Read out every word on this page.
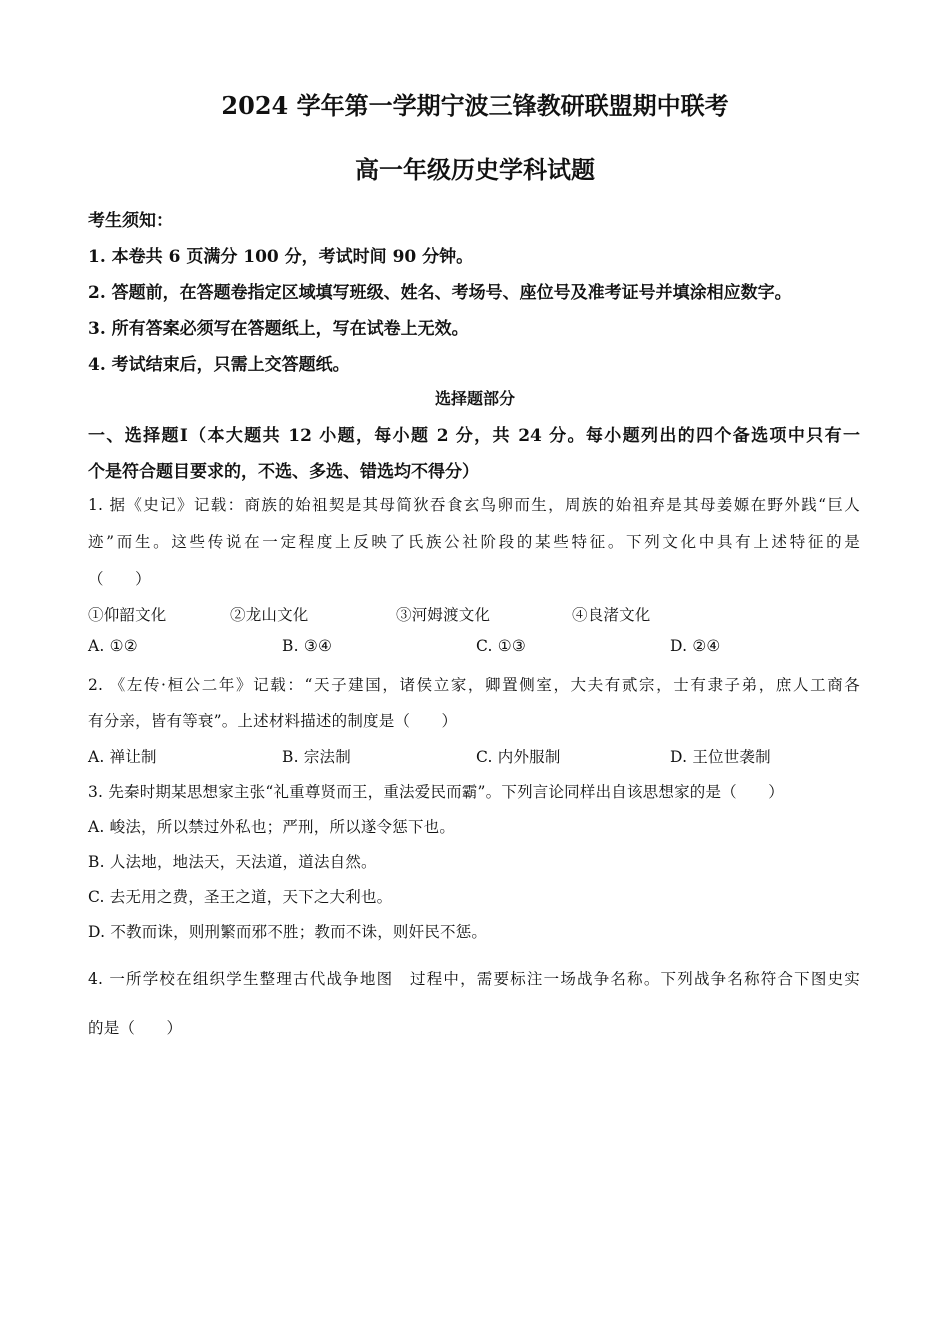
2024 学年第一学期宁波三锋教研联盟期中联考
高一年级历史学科试题
考生须知：
1. 本卷共 6 页满分 100 分，考试时间 90 分钟。
2. 答题前，在答题卷指定区域填写班级、姓名、考场号、座位号及准考证号并填涂相应数字。
3. 所有答案必须写在答题纸上，写在试卷上无效。
4. 考试结束后，只需上交答题纸。
选择题部分
一、选择题Ⅰ（本大题共 12 小题，每小题 2 分，共 24 分。每小题列出的四个备选项中只有一
个是符合题目要求的，不选、多选、错选均不得分）
1. 据《史记》记载：商族的始祖契是其母简狄吞食玄鸟卵而生，周族的始祖弃是其母姜嫄在野外践“巨人
迹”而生。这些传说在一定程度上反映了氏族公社阶段的某些特征。下列文化中具有上述特征的是
（　　）
①仰韶文化	②龙山文化	③河姆渡文化	④良渚文化
A. ①②	B. ③④	C. ①③	D. ②④
2. 《左传·桓公二年》记载：“天子建国，诸侯立家，卿置侧室，大夫有贰宗，士有隶子弟，庶人工商各
有分亲，皆有等衰”。上述材料描述的制度是（　　）
A. 禅让制	B. 宗法制	C. 内外服制	D. 王位世袭制
3. 先秦时期某思想家主张“礼重尊贤而王，重法爱民而霸”。下列言论同样出自该思想家的是（　　）
A. 峻法，所以禁过外私也；严刑，所以遂令惩下也。
B. 人法地，地法天，天法道，道法自然。
C. 去无用之费，圣王之道，天下之大利也。
D. 不教而诛，则刑繁而邪不胜；教而不诛，则奸民不惩。
4. 一所学校在组织学生整理古代战争地图　过程中，需要标注一场战争名称。下列战争名称符合下图史实
的是（　　）
